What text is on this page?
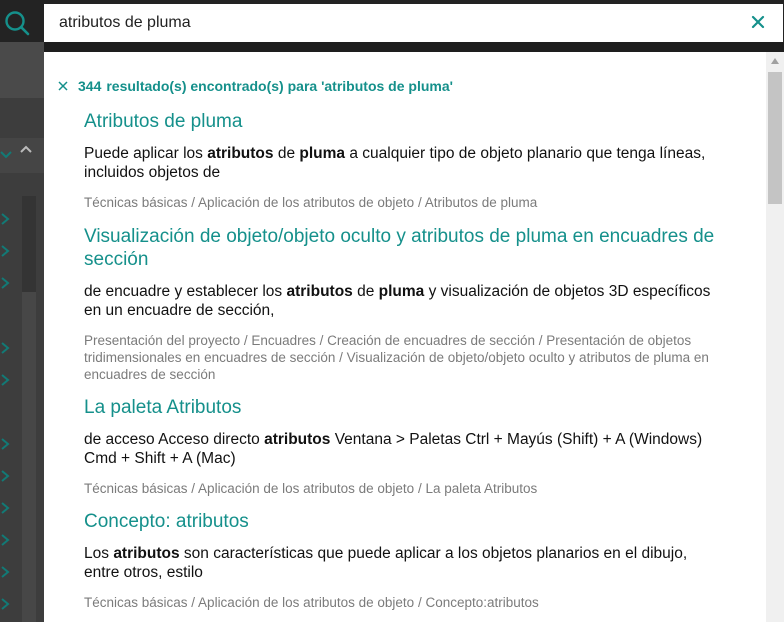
atributos de pluma
344 resultado(s) encontrado(s) para 'atributos de pluma'
Atributos de pluma
Puede aplicar los atributos de pluma a cualquier tipo de objeto planario que tenga líneas, incluidos objetos de
Técnicas básicas / Aplicación de los atributos de objeto / Atributos de pluma
Visualización de objeto/objeto oculto y atributos de pluma en encuadres de sección
de encuadre y establecer los atributos de pluma y visualización de objetos 3D específicos en un encuadre de sección,
Presentación del proyecto / Encuadres / Creación de encuadres de sección / Presentación de objetos tridimensionales en encuadres de sección / Visualización de objeto/objeto oculto y atributos de pluma en encuadres de sección
La paleta Atributos
de acceso Acceso directo atributos Ventana > Paletas Ctrl + Mayús (Shift) + A (Windows) Cmd + Shift + A (Mac)
Técnicas básicas / Aplicación de los atributos de objeto / La paleta Atributos
Concepto: atributos
Los atributos son características que puede aplicar a los objetos planarios en el dibujo, entre otros, estilo
Técnicas básicas / Aplicación de los atributos de objeto / Concepto:atributos
